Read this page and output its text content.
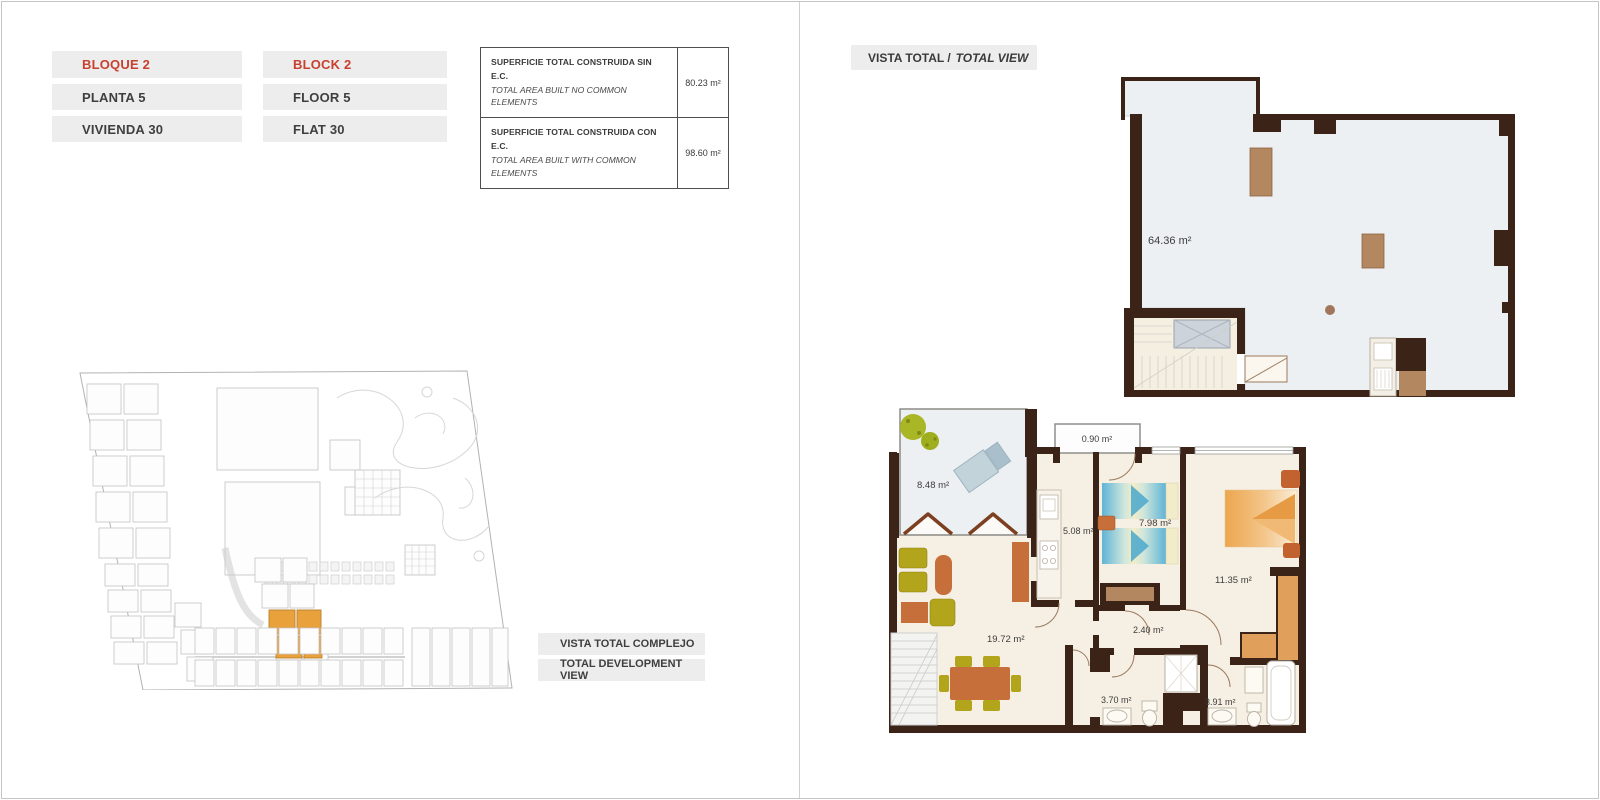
BLOQUE 2
PLANTA 5
VIVIENDA 30
BLOCK 2
FLOOR 5
FLAT 30
SUPERFICIE TOTAL CONSTRUIDA SIN E.C.
TOTAL AREA BUILT NO COMMON ELEMENTS
80.23 m²
SUPERFICIE TOTAL CONSTRUIDA CON E.C.
TOTAL AREA BUILT WITH COMMON ELEMENTS
98.60 m²
VISTA TOTAL COMPLEJO
TOTAL DEVELOPMENT VIEW
VISTA TOTAL / TOTAL VIEW
64.36 m²
8.48 m²
0.90 m²
5.08 m²
7.98 m²
11.35 m²
19.72 m²
2.40 m²
3.70 m²	3.91 m²
